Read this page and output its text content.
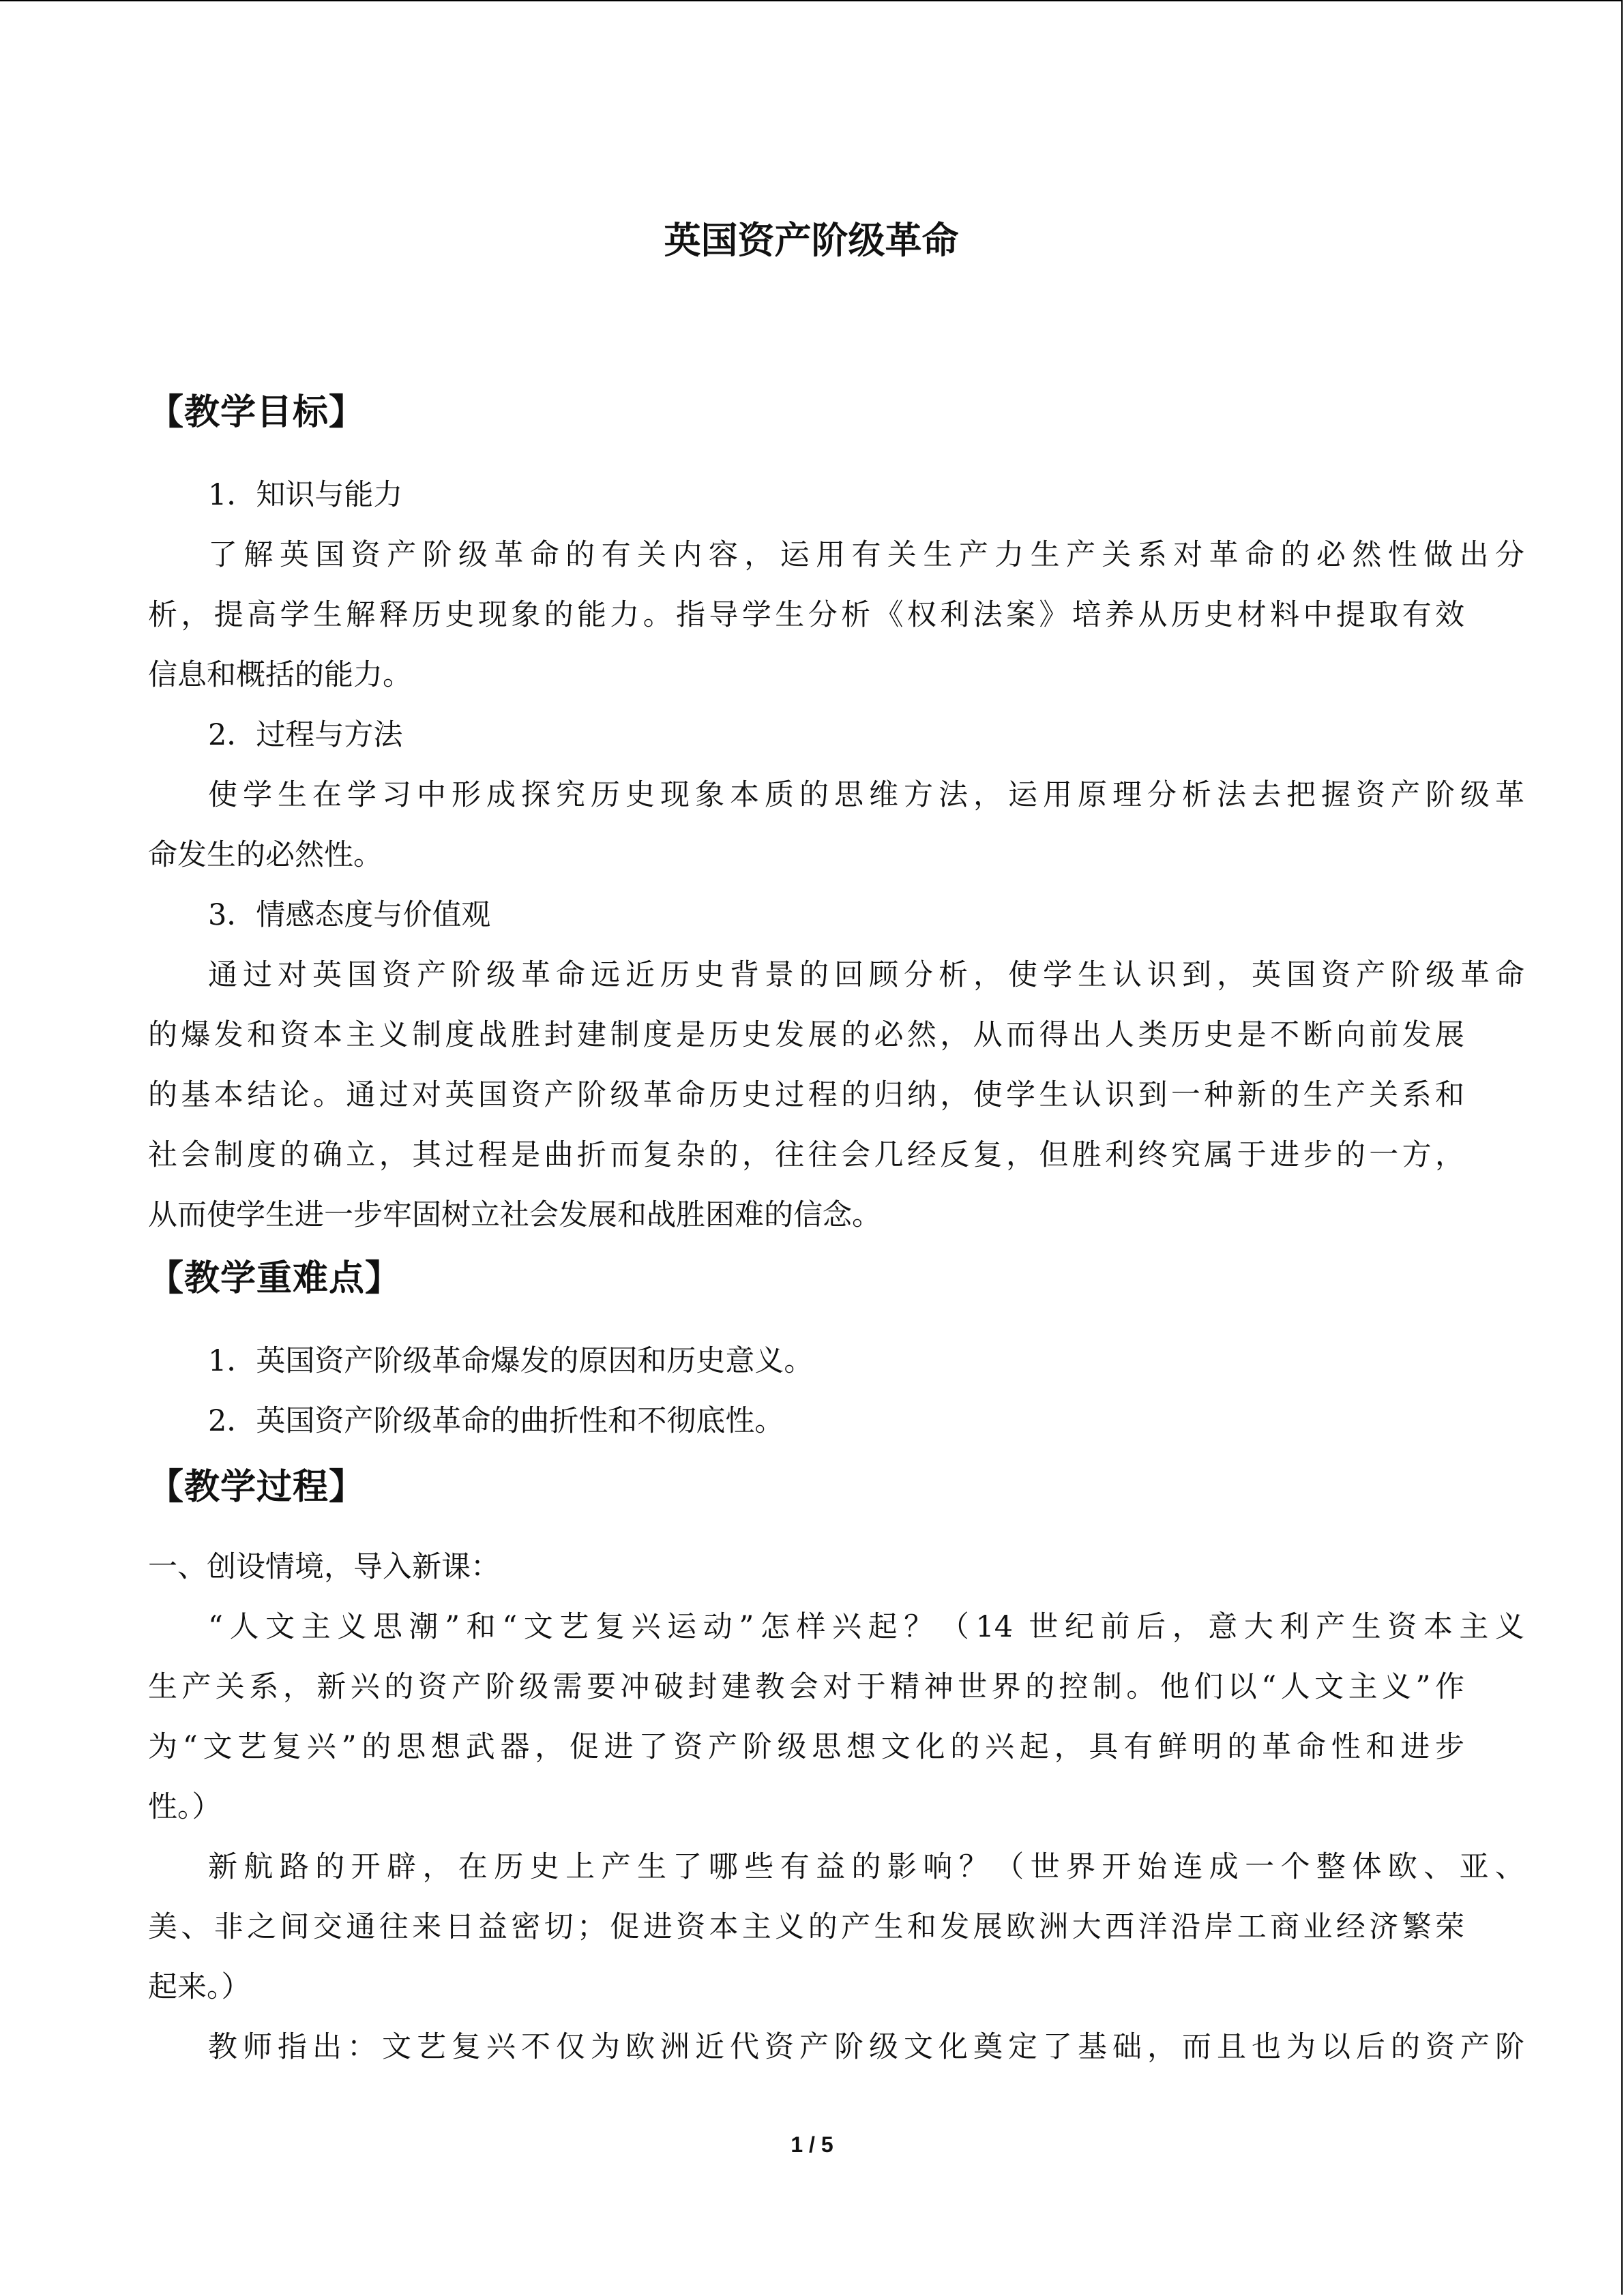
英国资产阶级革命
【教学目标】

1．知识与能力

了解英国资产阶级革命的有关内容，运用有关生产力生产关系对革命的必然性做出分

析，提高学生解释历史现象的能力。指导学生分析《权利法案》培养从历史材料中提取有效

信息和概括的能力。

2．过程与方法

使学生在学习中形成探究历史现象本质的思维方法，运用原理分析法去把握资产阶级革

命发生的必然性。

3．情感态度与价值观

通过对英国资产阶级革命远近历史背景的回顾分析，使学生认识到，英国资产阶级革命

的爆发和资本主义制度战胜封建制度是历史发展的必然，从而得出人类历史是不断向前发展

的基本结论。通过对英国资产阶级革命历史过程的归纳，使学生认识到一种新的生产关系和

社会制度的确立，其过程是曲折而复杂的，往往会几经反复，但胜利终究属于进步的一方，

从而使学生进一步牢固树立社会发展和战胜困难的信念。

【教学重难点】

1．英国资产阶级革命爆发的原因和历史意义。

2．英国资产阶级革命的曲折性和不彻底性。

【教学过程】

一、创设情境，导入新课：

“人文主义思潮”和“文艺复兴运动”怎样兴起？（14 世纪前后，意大利产生资本主义

生产关系，新兴的资产阶级需要冲破封建教会对于精神世界的控制。他们以“人文主义”作

为“文艺复兴”的思想武器，促进了资产阶级思想文化的兴起，具有鲜明的革命性和进步

性。）

新航路的开辟，在历史上产生了哪些有益的影响？（世界开始连成一个整体欧、亚、

美、非之间交通往来日益密切；促进资本主义的产生和发展欧洲大西洋沿岸工商业经济繁荣

起来。）

教师指出：文艺复兴不仅为欧洲近代资产阶级文化奠定了基础，而且也为以后的资产阶

1 / 5
